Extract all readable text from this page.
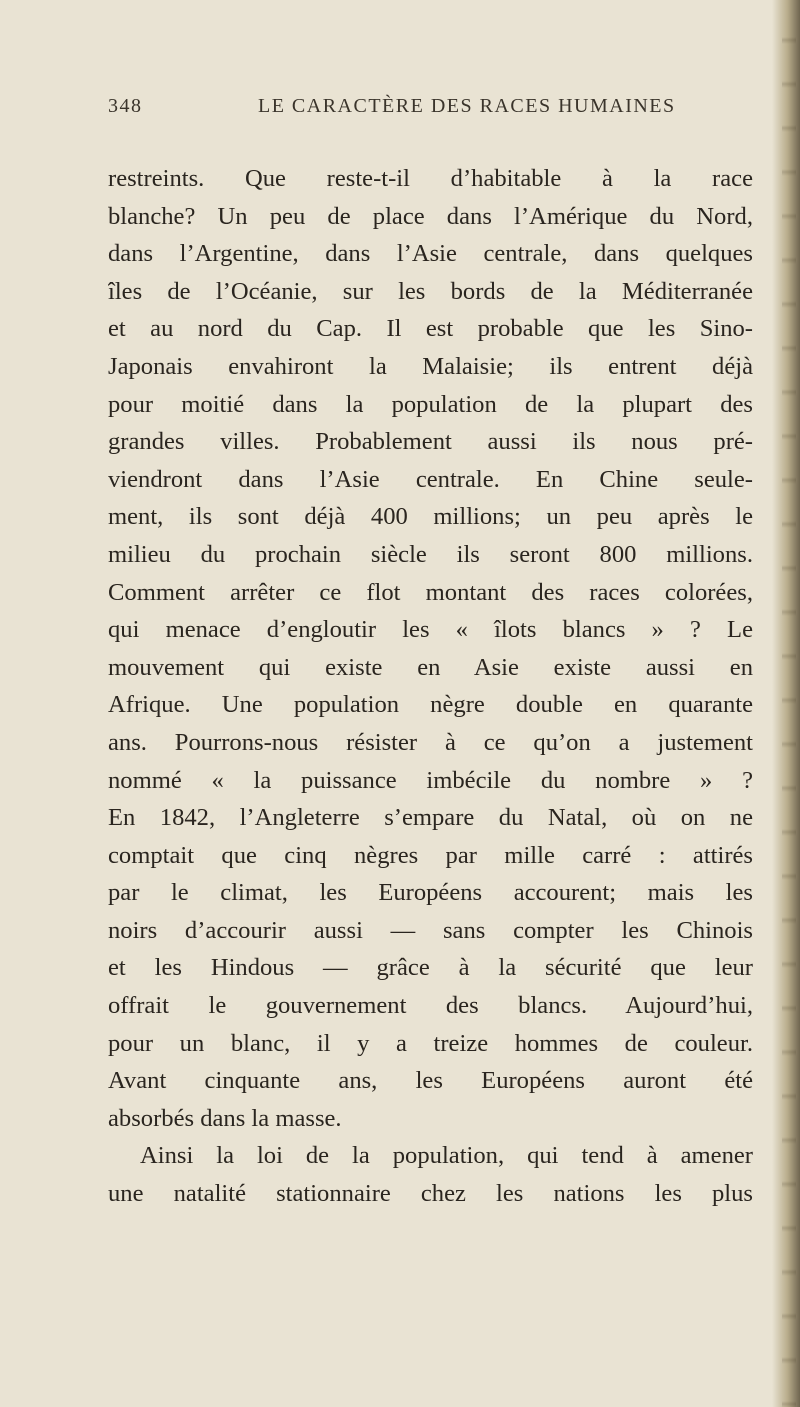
348	LE CARACTÈRE DES RACES HUMAINES
restreints. Que reste-t-il d’habitable à la race
blanche? Un peu de place dans l’Amérique du Nord,
dans l’Argentine, dans l’Asie centrale, dans quelques
îles de l’Océanie, sur les bords de la Méditerranée
et au nord du Cap. Il est probable que les Sino-
Japonais envahiront la Malaisie; ils entrent déjà
pour moitié dans la population de la plupart des
grandes villes. Probablement aussi ils nous pré-
viendront dans l’Asie centrale. En Chine seule-
ment, ils sont déjà 400 millions; un peu après le
milieu du prochain siècle ils seront 800 millions.
Comment arrêter ce flot montant des races colorées,
qui menace d’engloutir les « îlots blancs » ? Le
mouvement qui existe en Asie existe aussi en
Afrique. Une population nègre double en quarante
ans. Pourrons-nous résister à ce qu’on a justement
nommé « la puissance imbécile du nombre » ?
En 1842, l’Angleterre s’empare du Natal, où on ne
comptait que cinq nègres par mille carré : attirés
par le climat, les Européens accourent; mais les
noirs d’accourir aussi — sans compter les Chinois
et les Hindous — grâce à la sécurité que leur
offrait le gouvernement des blancs. Aujourd’hui,
pour un blanc, il y a treize hommes de couleur.
Avant cinquante ans, les Européens auront été
absorbés dans la masse.
Ainsi la loi de la population, qui tend à amener
une natalité stationnaire chez les nations les plus
